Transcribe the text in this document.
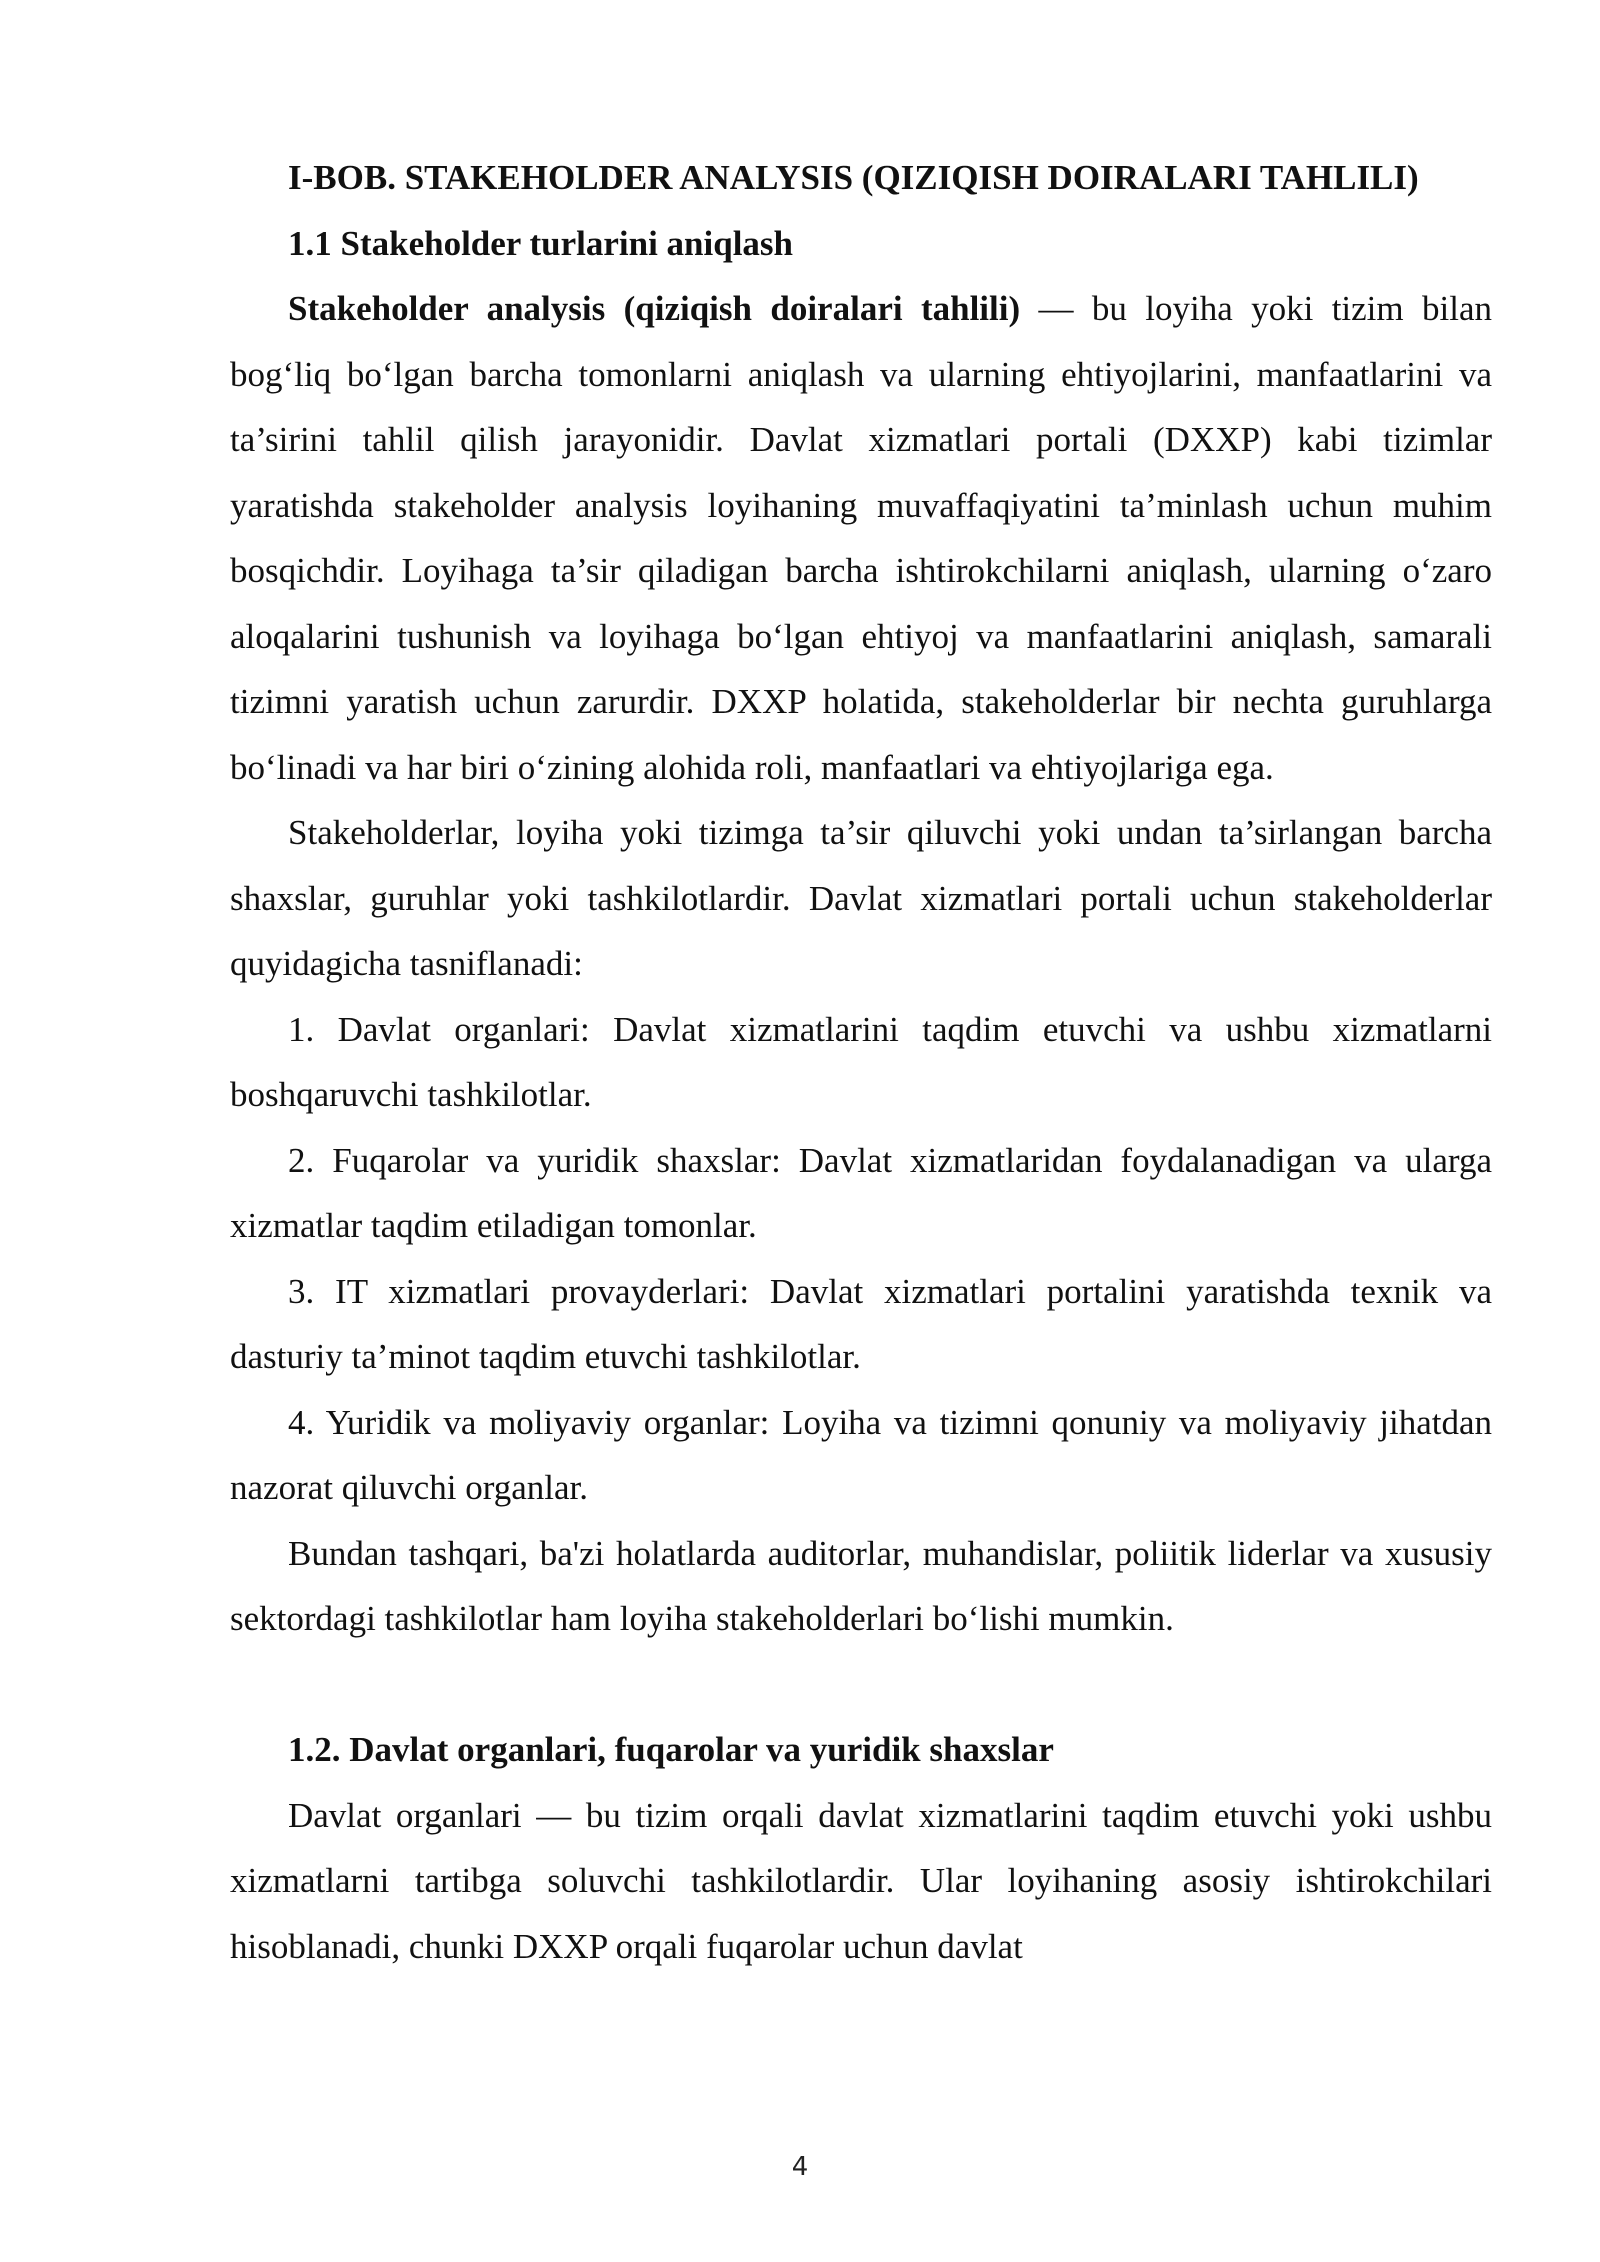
I-BOB. STAKEHOLDER ANALYSIS (QIZIQISH DOIRALARI TAHLILI)

1.1 Stakeholder turlarini aniqlash

Stakeholder analysis (qiziqish doiralari tahlili) — bu loyiha yoki tizim bilan bog‘liq bo‘lgan barcha tomonlarni aniqlash va ularning ehtiyojlarini, manfaatlarini va ta’sirini tahlil qilish jarayonidir. Davlat xizmatlari portali (DXXP) kabi tizimlar yaratishda stakeholder analysis loyihaning muvaffaqiyatini ta’minlash uchun muhim bosqichdir. Loyihaga ta’sir qiladigan barcha ishtirokchilarni aniqlash, ularning o‘zaro aloqalarini tushunish va loyihaga bo‘lgan ehtiyoj va manfaatlarini aniqlash, samarali tizimni yaratish uchun zarurdir. DXXP holatida, stakeholderlar bir nechta guruhlarga bo‘linadi va har biri o‘zining alohida roli, manfaatlari va ehtiyojlariga ega.

Stakeholderlar, loyiha yoki tizimga ta’sir qiluvchi yoki undan ta’sirlangan barcha shaxslar, guruhlar yoki tashkilotlardir. Davlat xizmatlari portali uchun stakeholderlar quyidagicha tasniflanadi:

1. Davlat organlari: Davlat xizmatlarini taqdim etuvchi va ushbu xizmatlarni boshqaruvchi tashkilotlar.

2. Fuqarolar va yuridik shaxslar: Davlat xizmatlaridan foydalanadigan va ularga xizmatlar taqdim etiladigan tomonlar.

3. IT xizmatlari provayderlari: Davlat xizmatlari portalini yaratishda texnik va dasturiy ta’minot taqdim etuvchi tashkilotlar.

4. Yuridik va moliyaviy organlar: Loyiha va tizimni qonuniy va moliyaviy jihatdan nazorat qiluvchi organlar.

Bundan tashqari, ba'zi holatlarda auditorlar, muhandislar, poliitik liderlar va xususiy sektordagi tashkilotlar ham loyiha stakeholderlari bo‘lishi mumkin.

1.2. Davlat organlari, fuqarolar va yuridik shaxslar

Davlat organlari — bu tizim orqali davlat xizmatlarini taqdim etuvchi yoki ushbu xizmatlarni tartibga soluvchi tashkilotlardir. Ular loyihaning asosiy ishtirokchilari hisoblanadi, chunki DXXP orqali fuqarolar uchun davlat

4
